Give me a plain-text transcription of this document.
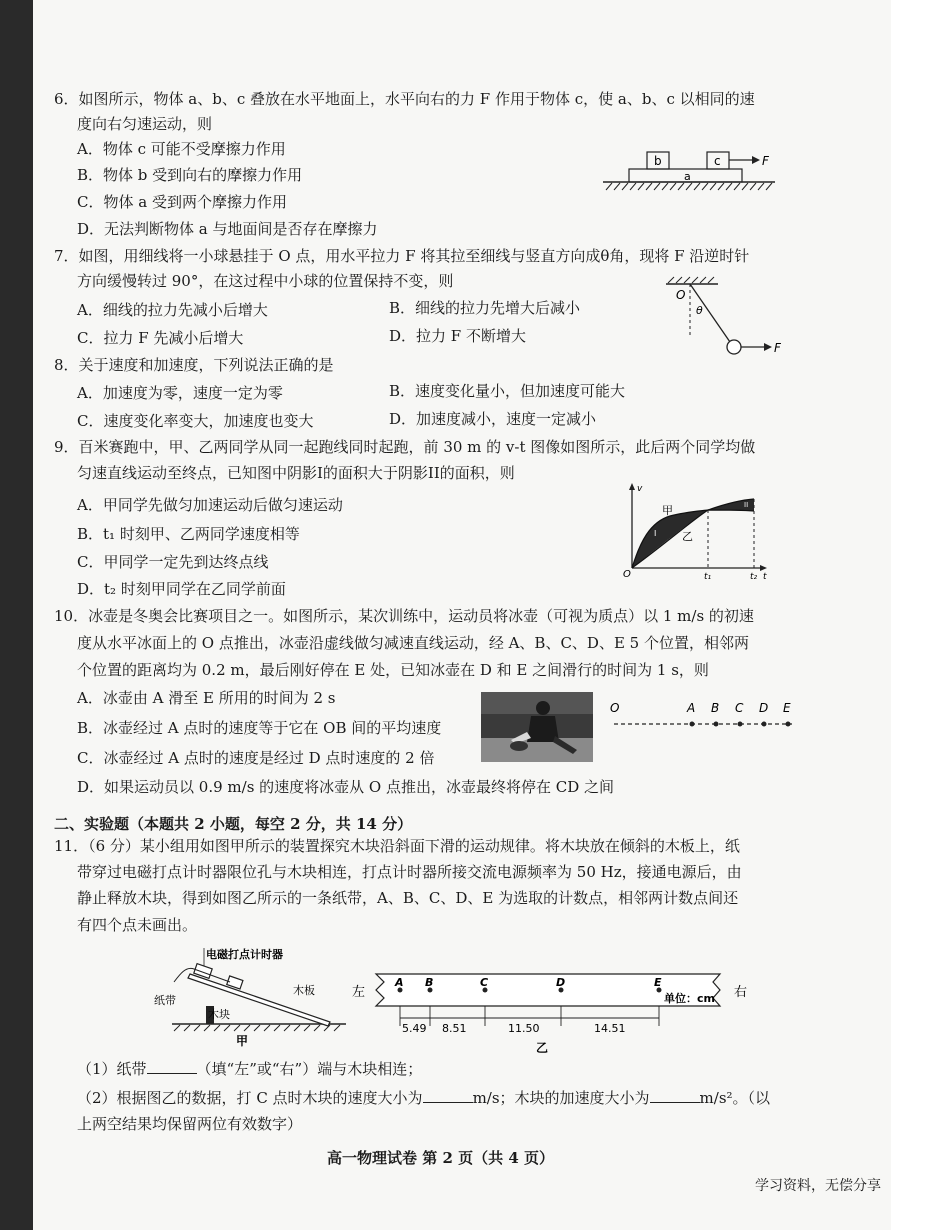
6．如图所示，物体 a、b、c 叠放在水平地面上，水平向右的力 F 作用于物体 c，使 a、b、c 以相同的速
度向右匀速运动，则
A．物体 c 可能不受摩擦力作用
B．物体 b 受到向右的摩擦力作用
C．物体 a 受到两个摩擦力作用
D．无法判断物体 a 与地面间是否存在摩擦力
b	c
a
F
7．如图，用细线将一小球悬挂于 O 点，用水平拉力 F 将其拉至细线与竖直方向成θ角，现将 F 沿逆时针
方向缓慢转过 90°，在这过程中小球的位置保持不变，则
A．细线的拉力先减小后增大	B．细线的拉力先增大后减小
C．拉力 F 先减小后增大	D．拉力 F 不断增大
O
θ
F
8．关于速度和加速度，下列说法正确的是
A．加速度为零，速度一定为零	B．速度变化量小，但加速度可能大
C．速度变化率变大，加速度也变大	D．加速度减小，速度一定减小
9．百米赛跑中，甲、乙两同学从同一起跑线同时起跑，前 30 m 的 v-t 图像如图所示，此后两个同学均做
匀速直线运动至终点，已知图中阴影I的面积大于阴影II的面积，则
A．甲同学先做匀加速运动后做匀速运动
B．t₁ 时刻甲、乙两同学速度相等
C．甲同学一定先到达终点线
D．t₂ 时刻甲同学在乙同学前面
v
甲
乙
I
II
O	t₁	t₂ t
10．冰壶是冬奥会比赛项目之一。如图所示，某次训练中，运动员将冰壶（可视为质点）以 1 m/s 的初速
度从水平冰面上的 O 点推出，冰壶沿虚线做匀减速直线运动，经 A、B、C、D、E 5 个位置，相邻两
个位置的距离均为 0.2 m，最后刚好停在 E 处，已知冰壶在 D 和 E 之间滑行的时间为 1 s，则
A．冰壶由 A 滑至 E 所用的时间为 2 s
B．冰壶经过 A 点时的速度等于它在 OB 间的平均速度
C．冰壶经过 A 点时的速度是经过 D 点时速度的 2 倍
D．如果运动员以 0.9 m/s 的速度将冰壶从 O 点推出，冰壶最终将停在 CD 之间
O	A B C D E
二、实验题（本题共 2 小题，每空 2 分，共 14 分）
11．（6 分）某小组用如图甲所示的装置探究木块沿斜面下滑的运动规律。将木块放在倾斜的木板上，纸
带穿过电磁打点计时器限位孔与木块相连，打点计时器所接交流电源频率为 50 Hz，接通电源后，由
静止释放木块，得到如图乙所示的一条纸带，A、B、C、D、E 为选取的计数点，相邻两计数点间还
有四个点未画出。
电磁打点计时器
纸带
木板
木块
甲
左	右
A B	C	D	E
单位：cm
5.49 8.51	11.50	14.51
乙
（1）纸带	（填“左”或“右”）端与木块相连；
（2）根据图乙的数据，打 C 点时木块的速度大小为	m/s；木块的加速度大小为	m/s²。（以
上两空结果均保留两位有效数字）
高一物理试卷 第 2 页（共 4 页）
学习资料，无偿分享
